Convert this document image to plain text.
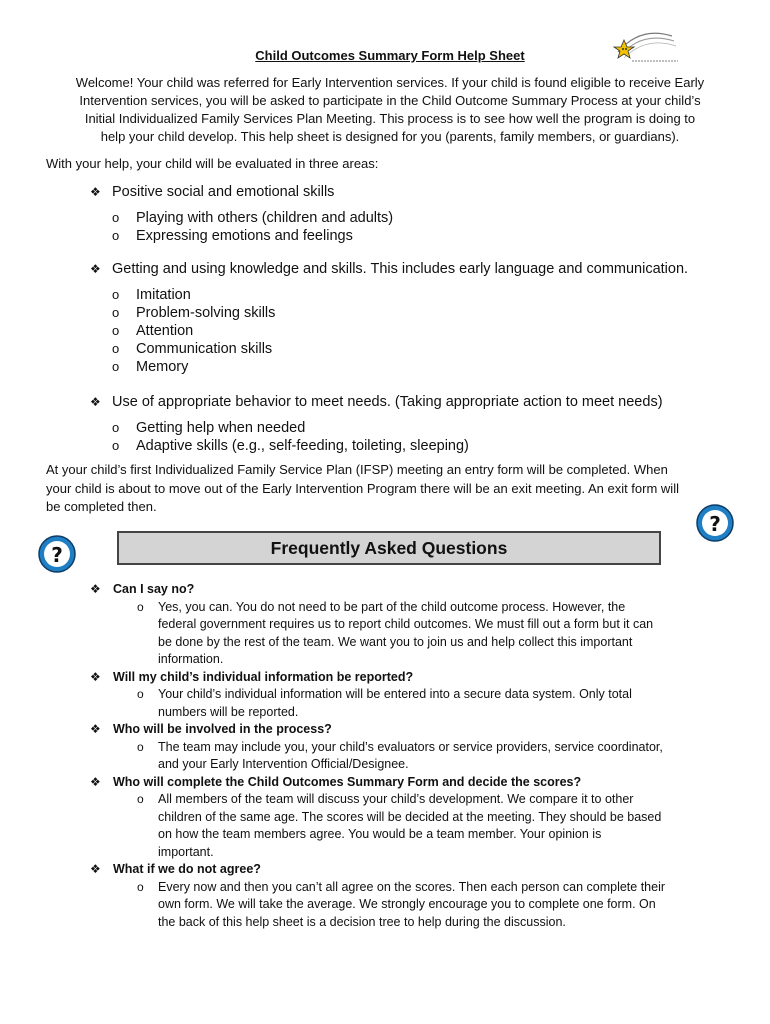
Child Outcomes Summary Form Help Sheet
Welcome! Your child was referred for Early Intervention services. If your child is found eligible to receive Early
Intervention services, you will be asked to participate in the Child Outcome Summary Process at your child’s
Initial Individualized Family Services Plan Meeting. This process is to see how well the program is doing to
help your child develop. This help sheet is designed for you (parents, family members, or guardians).
With your help, your child will be evaluated in three areas:
❖ Positive social and emotional skills
o	Playing with others (children and adults)
o	Expressing emotions and feelings
❖ Getting and using knowledge and skills. This includes early language and communication.
o	Imitation
o	Problem-solving skills
o	Attention
o	Communication skills
o	Memory
❖ Use of appropriate behavior to meet needs. (Taking appropriate action to meet needs)
o	Getting help when needed
o	Adaptive skills (e.g., self-feeding, toileting, sleeping)
At your child’s first Individualized Family Service Plan (IFSP) meeting an entry form will be completed. When
your child is about to move out of the Early Intervention Program there will be an exit meeting. An exit form will
be completed then.
?
?	Frequently Asked Questions
❖ Can I say no?
o	Yes, you can. You do not need to be part of the child outcome process. However, the
federal government requires us to report child outcomes. We must fill out a form but it can
be done by the rest of the team. We want you to join us and help collect this important
information.
❖ Will my child’s individual information be reported?
o	Your child’s individual information will be entered into a secure data system. Only total
numbers will be reported.
❖ Who will be involved in the process?
o	The team may include you, your child’s evaluators or service providers, service coordinator,
and your Early Intervention Official/Designee.
❖ Who will complete the Child Outcomes Summary Form and decide the scores?
o	All members of the team will discuss your child’s development. We compare it to other
children of the same age. The scores will be decided at the meeting. They should be based
on how the team members agree. You would be a team member. Your opinion is
important.
❖ What if we do not agree?
o	Every now and then you can’t all agree on the scores. Then each person can complete their
own form. We will take the average. We strongly encourage you to complete one form. On
the back of this help sheet is a decision tree to help during the discussion.
